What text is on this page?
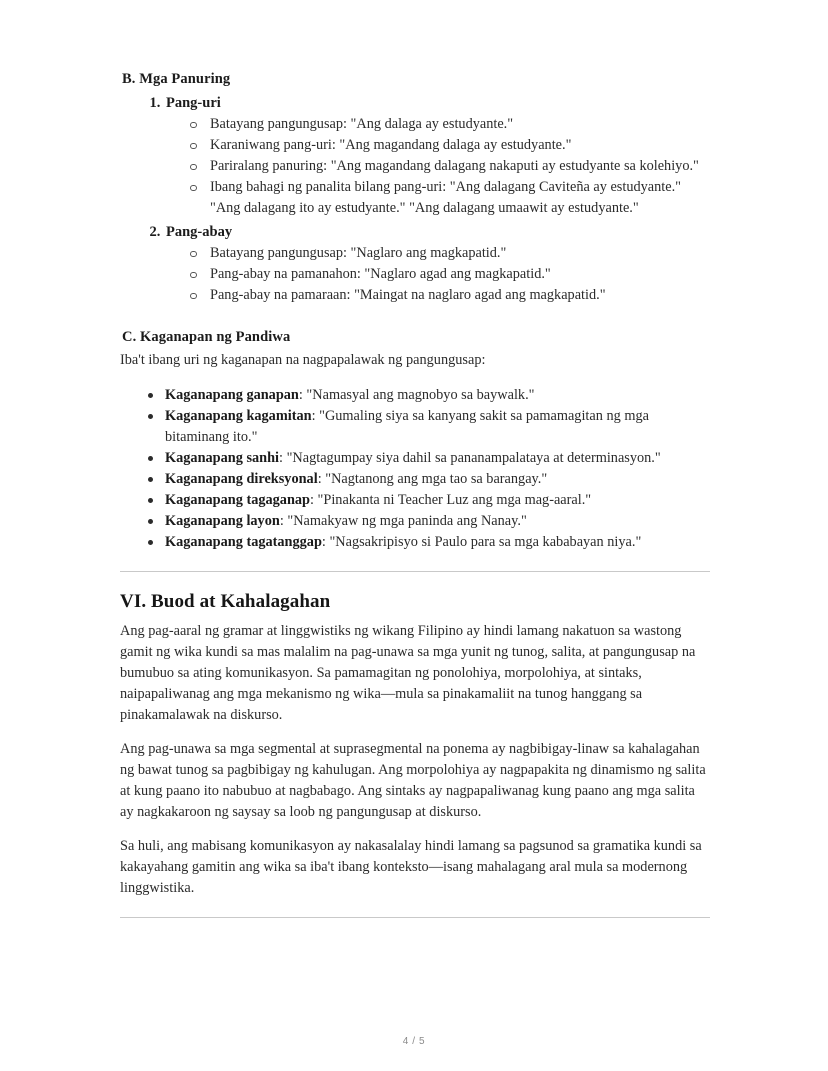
B. Mga Panuring
1. Pang-uri
Batayang pangungusap: "Ang dalaga ay estudyante."
Karaniwang pang-uri: "Ang magandang dalaga ay estudyante."
Pariralang panuring: "Ang magandang dalagang nakaputi ay estudyante sa kolehiyo."
Ibang bahagi ng panalita bilang pang-uri: "Ang dalagang Caviteña ay estudyante." "Ang dalagang ito ay estudyante." "Ang dalagang umaawit ay estudyante."
2. Pang-abay
Batayang pangungusap: "Naglaro ang magkapatid."
Pang-abay na pamanahon: "Naglaro agad ang magkapatid."
Pang-abay na pamaraan: "Maingat na naglaro agad ang magkapatid."
C. Kaganapan ng Pandiwa

Iba't ibang uri ng kaganapan na nagpapalawak ng pangungusap:

Kaganapang ganapan: "Namasyal ang magnobyo sa baywalk."
Kaganapang kagamitan: "Gumaling siya sa kanyang sakit sa pamamagitan ng mga bitaminang ito."
Kaganapang sanhi: "Nagtagumpay siya dahil sa pananampalataya at determinasyon."
Kaganapang direksyonal: "Nagtanong ang mga tao sa barangay."
Kaganapang tagaganap: "Pinakanta ni Teacher Luz ang mga mag-aaral."
Kaganapang layon: "Namakyaw ng mga paninda ang Nanay."
Kaganapang tagatanggap: "Nagsakripisyo si Paulo para sa mga kababayan niya."
VI. Buod at Kahalagahan

Ang pag-aaral ng gramar at linggwistiks ng wikang Filipino ay hindi lamang nakatuon sa wastong gamit ng wika kundi sa mas malalim na pag-unawa sa mga yunit ng tunog, salita, at pangungusap na bumubuo sa ating komunikasyon. Sa pamamagitan ng ponolohiya, morpolohiya, at sintaks, naipapaliwanag ang mga mekanismo ng wika—mula sa pinakamaliit na tunog hanggang sa pinakamalawak na diskurso.

Ang pag-unawa sa mga segmental at suprasegmental na ponema ay nagbibigay-linaw sa kahalagahan ng bawat tunog sa pagbibigay ng kahulugan. Ang morpolohiya ay nagpapakita ng dinamismo ng salita at kung paano ito nabubuo at nagbabago. Ang sintaks ay nagpapaliwanag kung paano ang mga salita ay nagkakaroon ng saysay sa loob ng pangungusap at diskurso.

Sa huli, ang mabisang komunikasyon ay nakasalalay hindi lamang sa pagsunod sa gramatika kundi sa kakayahang gamitin ang wika sa iba't ibang konteksto—isang mahalagang aral mula sa modernong linggwistika.

4 / 5
